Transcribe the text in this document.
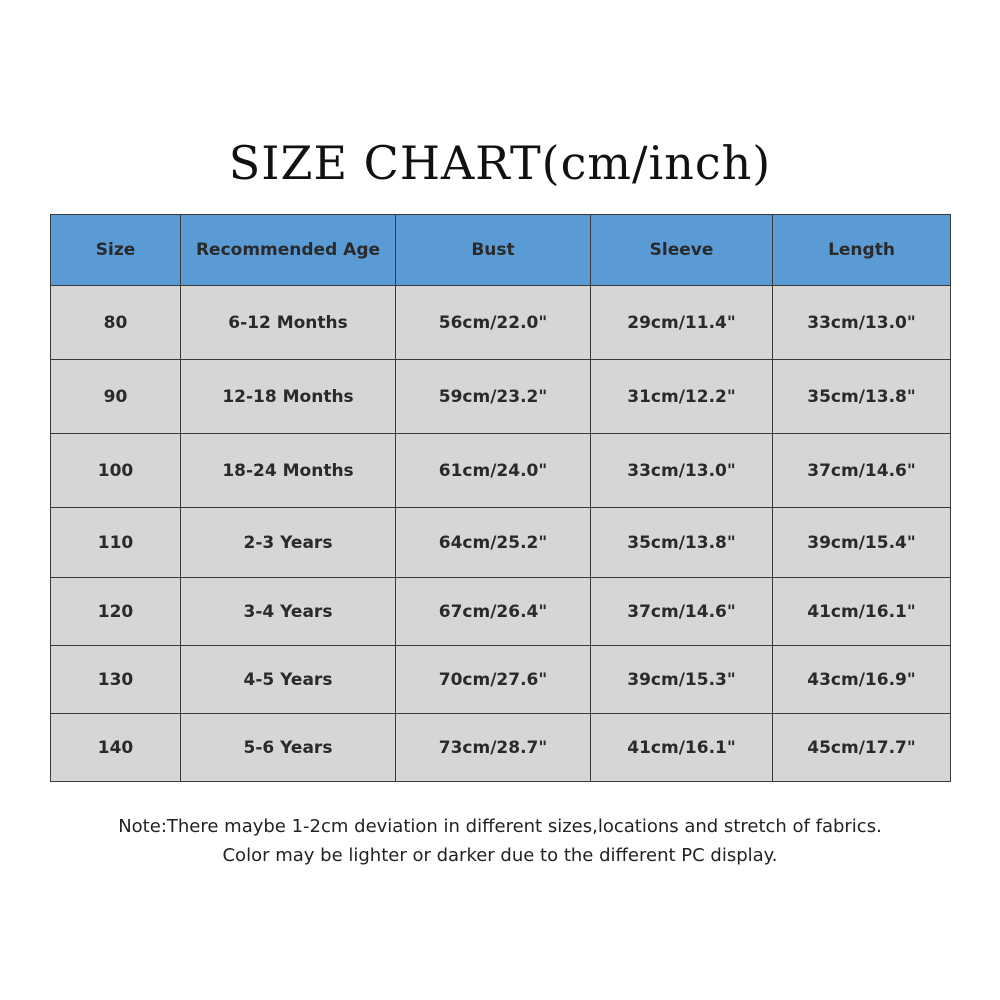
SIZE CHART(cm/inch)
Size	Recommended Age	Bust	Sleeve	Length
80	6-12 Months	56cm/22.0"	29cm/11.4"	33cm/13.0"
90	12-18 Months	59cm/23.2"	31cm/12.2"	35cm/13.8"
100	18-24 Months	61cm/24.0"	33cm/13.0"	37cm/14.6"
110	2-3 Years	64cm/25.2"	35cm/13.8"	39cm/15.4"
120	3-4 Years	67cm/26.4"	37cm/14.6"	41cm/16.1"
130	4-5 Years	70cm/27.6"	39cm/15.3"	43cm/16.9"
140	5-6 Years	73cm/28.7"	41cm/16.1"	45cm/17.7"
Note:There maybe 1-2cm deviation in different sizes,locations and stretch of fabrics.
Color may be lighter or darker due to the different PC display.
